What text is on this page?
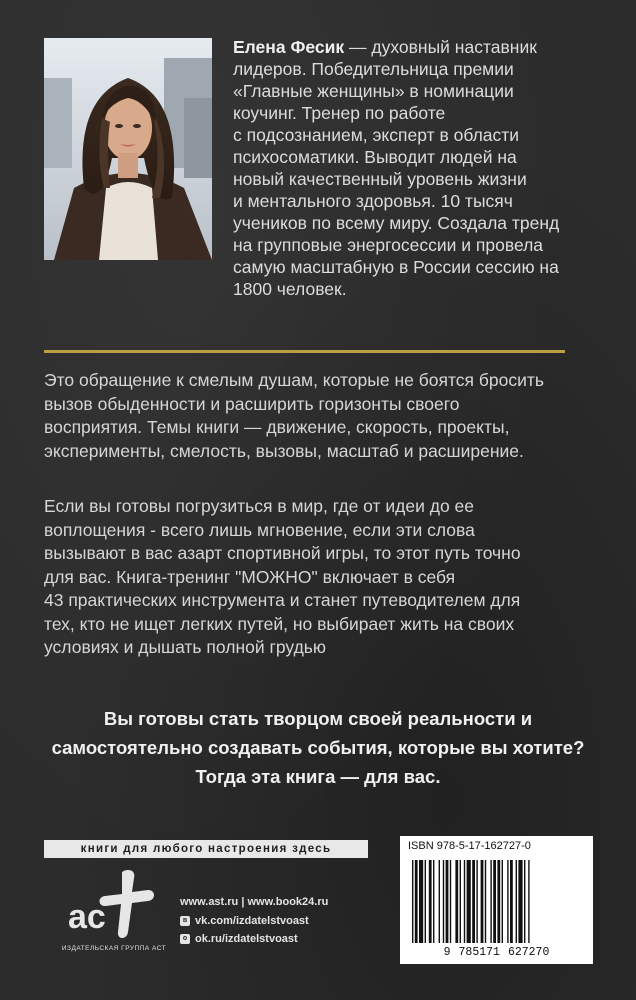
Елена Фесик — духовный наставник
лидеров. Победительница премии
«Главные женщины» в номинации
коучинг. Тренер по работе
с подсознанием, эксперт в области
психосоматики. Выводит людей на
новый качественный уровень жизни
и ментального здоровья. 10 тысяч
учеников по всему миру. Создала тренд
на групповые энергосессии и провела
самую масштабную в России сессию на
1800 человек.
Это обращение к смелым душам, которые не боятся бросить
вызов обыденности и расширить горизонты своего
восприятия. Темы книги — движение, скорость, проекты,
эксперименты, смелость, вызовы, масштаб и расширение.
Если вы готовы погрузиться в мир, где от идеи до ее
воплощения - всего лишь мгновение, если эти слова
вызывают в вас азарт спортивной игры, то этот путь точно
для вас. Книга-тренинг "МОЖНО" включает в себя
43 практических инструмента и станет путеводителем для
тех, кто не ищет легких путей, но выбирает жить на своих
условиях и дышать полной грудью
Вы готовы стать творцом своей реальности и
самостоятельно создавать события, которые вы хотите?
Тогда эта книга — для вас.
книги для любого настроения здесь
ас
ИЗДАТЕЛЬСКАЯ ГРУППА АСТ
www.ast.ru | www.book24.ru
в vk.com/izdatelstvoast
o ok.ru/izdatelstvoast
ISBN 978-5-17-162727-0
9 785171 627270
